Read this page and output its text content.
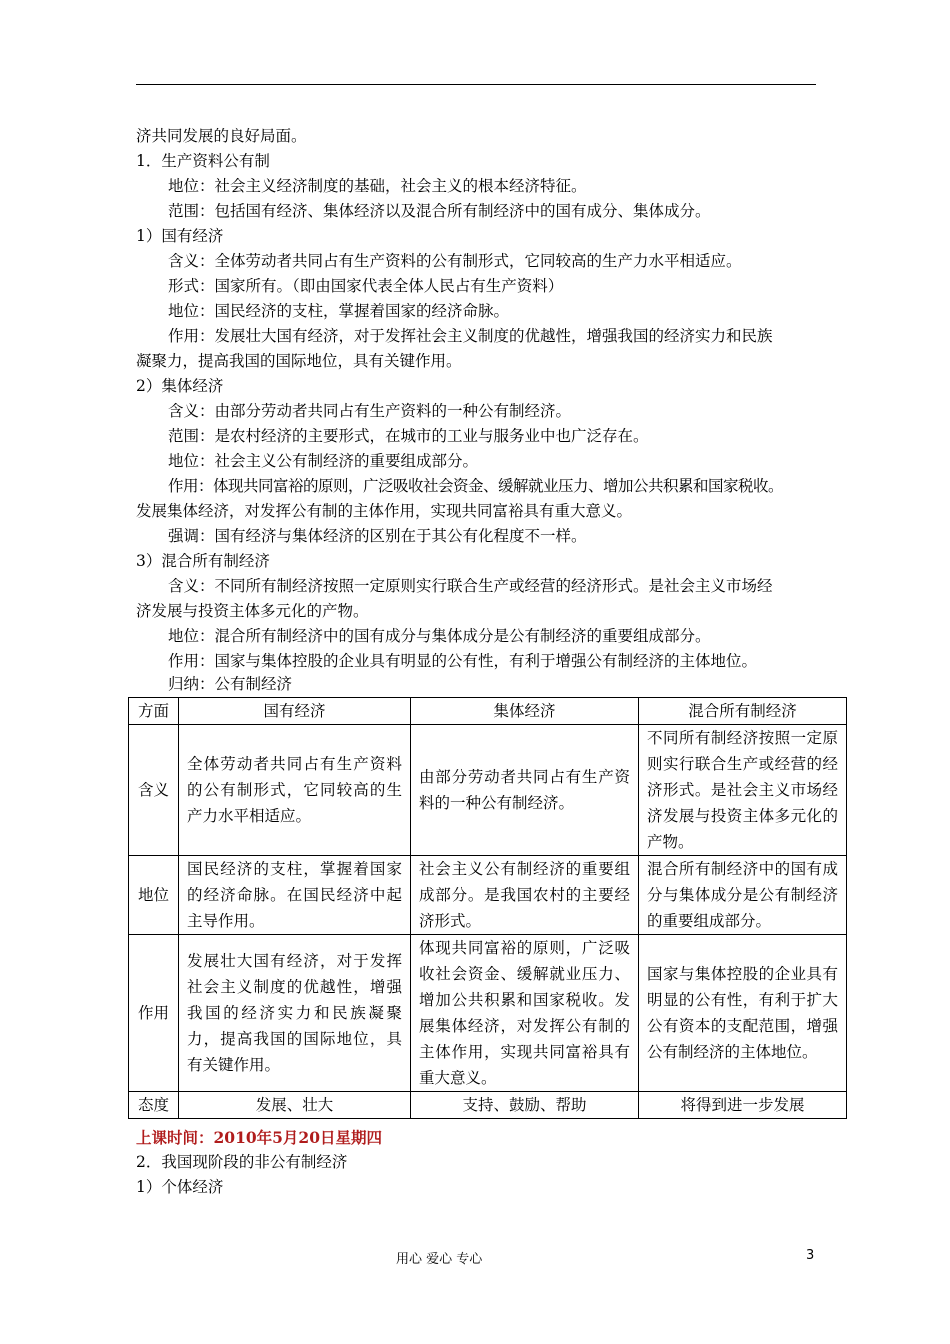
济共同发展的良好局面。
1．生产资料公有制
地位：社会主义经济制度的基础，社会主义的根本经济特征。
范围：包括国有经济、集体经济以及混合所有制经济中的国有成分、集体成分。
1）国有经济
含义：全体劳动者共同占有生产资料的公有制形式，它同较高的生产力水平相适应。
形式：国家所有。（即由国家代表全体人民占有生产资料）
地位：国民经济的支柱，掌握着国家的经济命脉。
作用：发展壮大国有经济，对于发挥社会主义制度的优越性，增强我国的经济实力和民族
凝聚力，提高我国的国际地位，具有关键作用。
2）集体经济
含义：由部分劳动者共同占有生产资料的一种公有制经济。
范围：是农村经济的主要形式，在城市的工业与服务业中也广泛存在。
地位：社会主义公有制经济的重要组成部分。
作用：体现共同富裕的原则，广泛吸收社会资金、缓解就业压力、增加公共积累和国家税收。
发展集体经济，对发挥公有制的主体作用，实现共同富裕具有重大意义。
强调：国有经济与集体经济的区别在于其公有化程度不一样。
3）混合所有制经济
含义：不同所有制经济按照一定原则实行联合生产或经营的经济形式。是社会主义市场经
济发展与投资主体多元化的产物。
地位：混合所有制经济中的国有成分与集体成分是公有制经济的重要组成部分。
作用：国家与集体控股的企业具有明显的公有性，有利于增强公有制经济的主体地位。
归纳：公有制经济
方面	国有经济	集体经济	混合所有制经济
含义	全体劳动者共同占有生产资料的公有制形式，它同较高的生产力水平相适应。	由部分劳动者共同占有生产资料的一种公有制经济。	不同所有制经济按照一定原则实行联合生产或经营的经济形式。是社会主义市场经济发展与投资主体多元化的产物。
地位	国民经济的支柱，掌握着国家的经济命脉。在国民经济中起主导作用。	社会主义公有制经济的重要组成部分。是我国农村的主要经济形式。	混合所有制经济中的国有成分与集体成分是公有制经济的重要组成部分。
作用	发展壮大国有经济，对于发挥社会主义制度的优越性，增强我国的经济实力和民族凝聚力，提高我国的国际地位，具有关键作用。	体现共同富裕的原则，广泛吸收社会资金、缓解就业压力、增加公共积累和国家税收。发展集体经济，对发挥公有制的主体作用，实现共同富裕具有重大意义。	国家与集体控股的企业具有明显的公有性，有利于扩大公有资本的支配范围，增强公有制经济的主体地位。
态度	发展、壮大	支持、鼓励、帮助	将得到进一步发展
上课时间：2010年5月20日星期四
2．我国现阶段的非公有制经济
1）个体经济
用心 爱心 专心	3
